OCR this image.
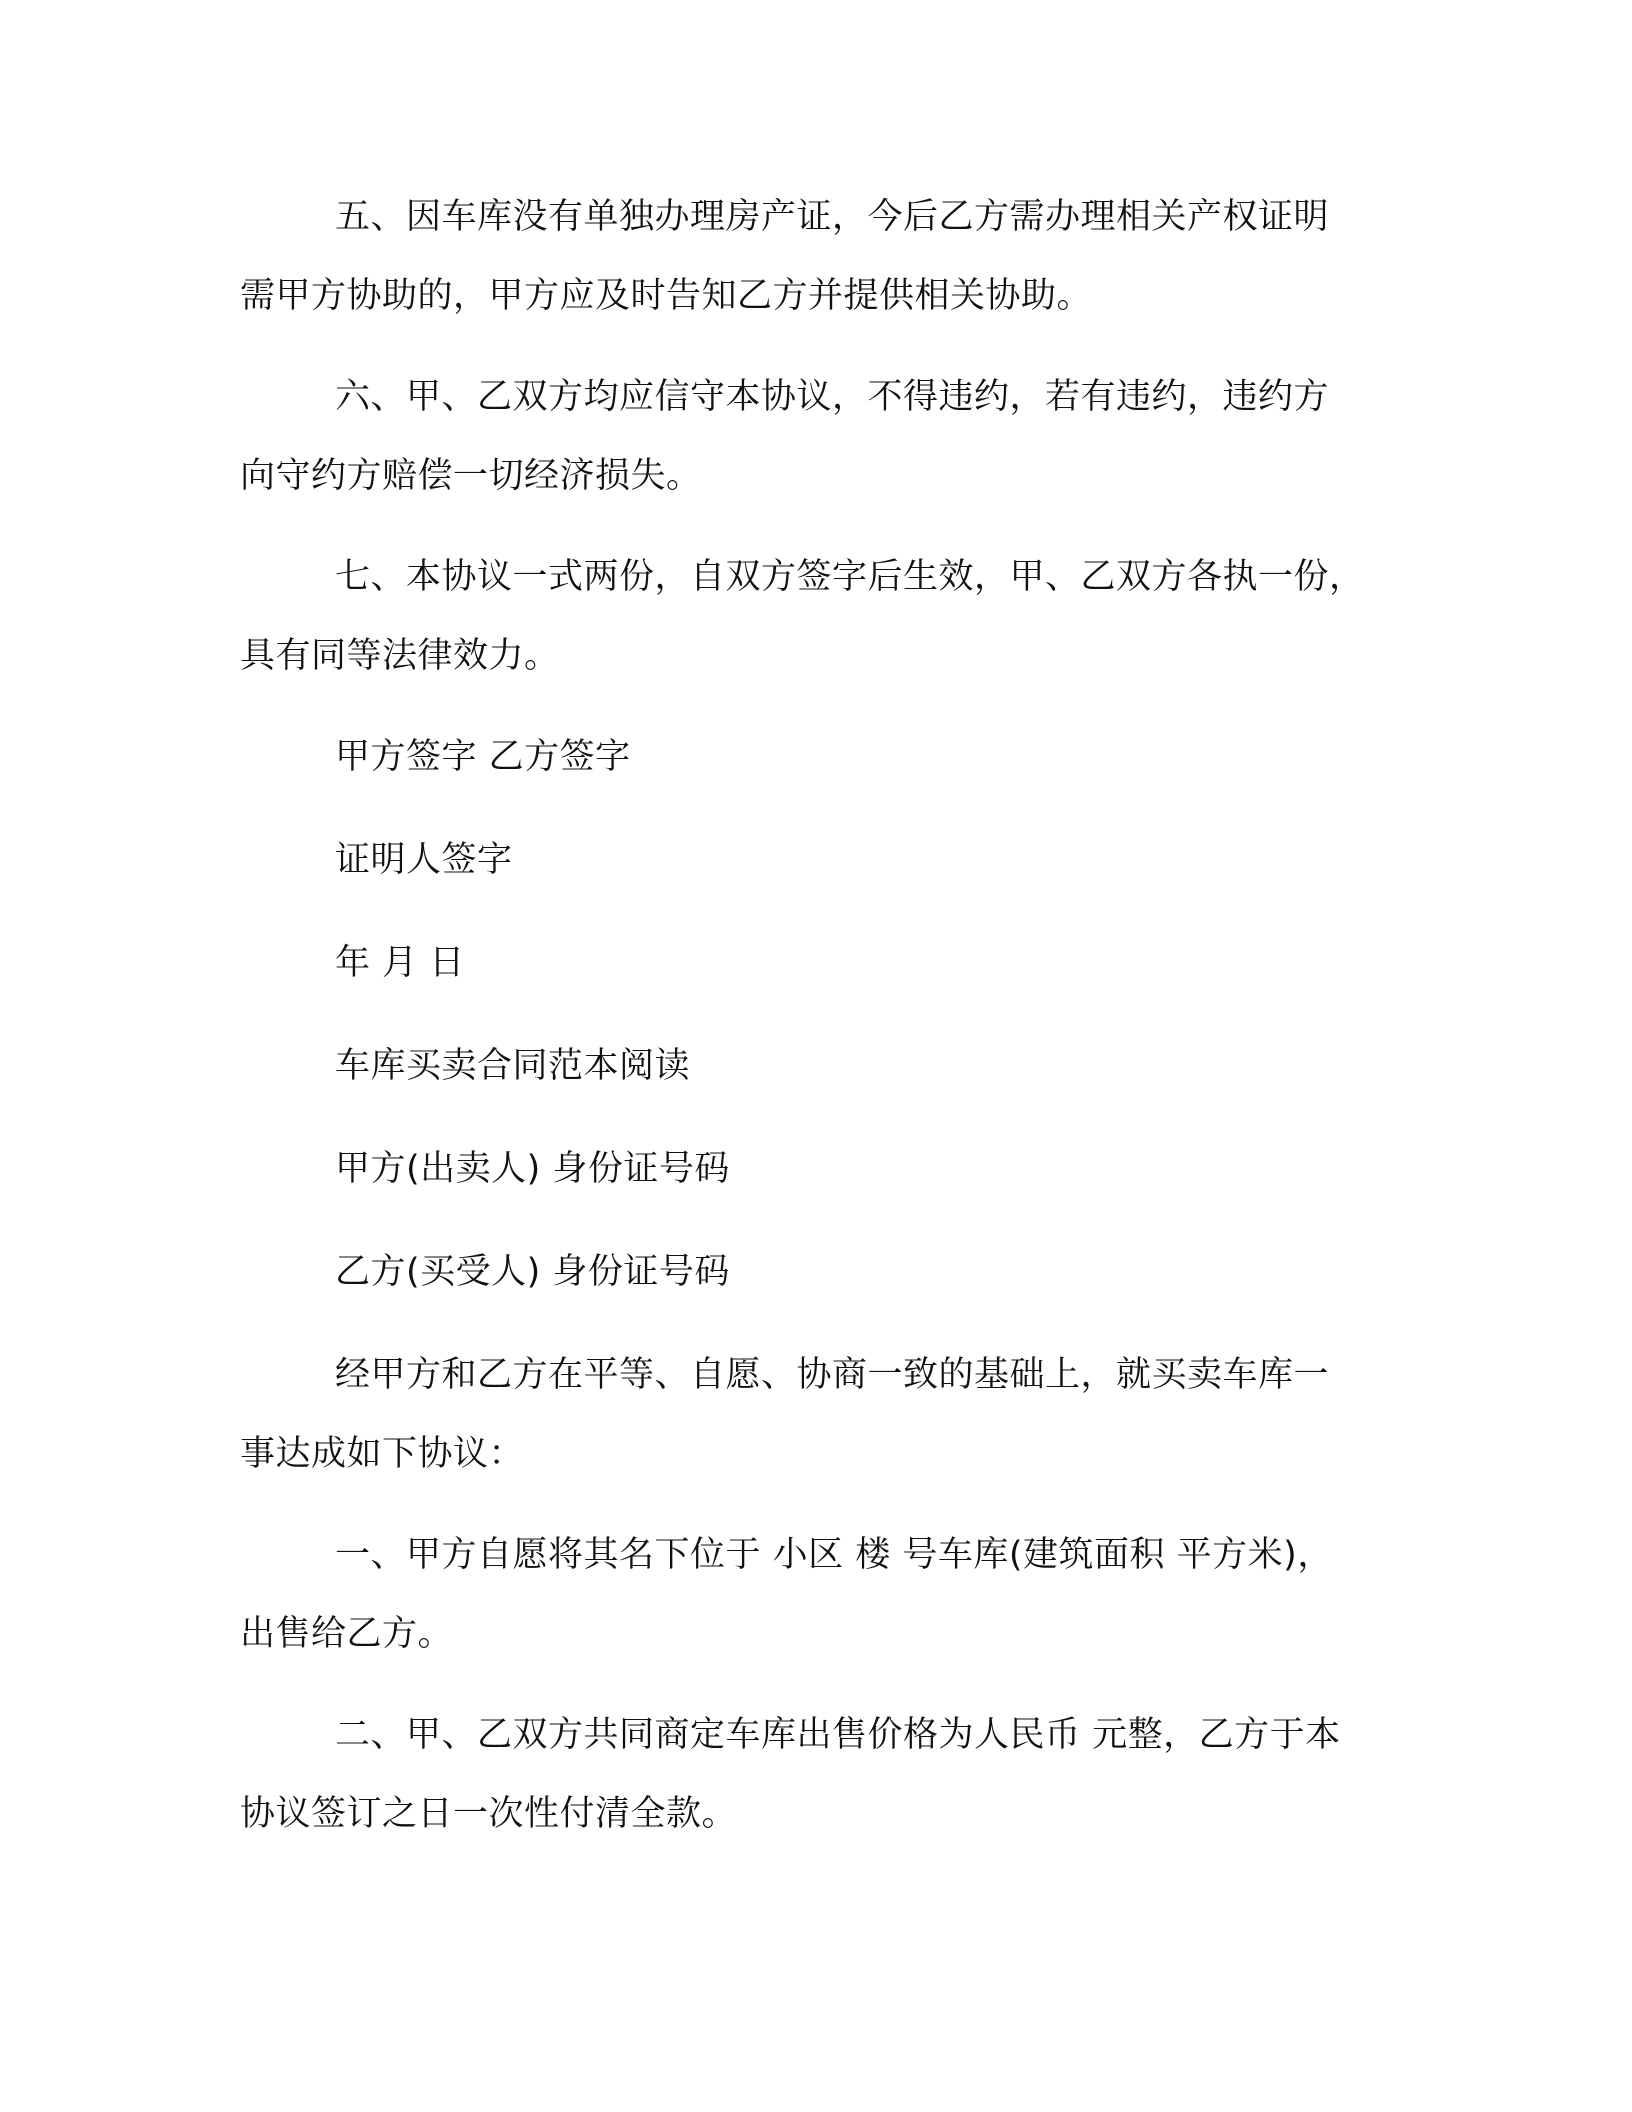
五、因车库没有单独办理房产证，今后乙方需办理相关产权证明
需甲方协助的，甲方应及时告知乙方并提供相关协助。
六、甲、乙双方均应信守本协议，不得违约，若有违约，违约方
向守约方赔偿一切经济损失。
七、本协议一式两份，自双方签字后生效，甲、乙双方各执一份，
具有同等法律效力。
甲方签字 乙方签字
证明人签字
年 月 日
车库买卖合同范本阅读
甲方(出卖人) 身份证号码
乙方(买受人) 身份证号码
经甲方和乙方在平等、自愿、协商一致的基础上，就买卖车库一
事达成如下协议：
一、甲方自愿将其名下位于 小区 楼 号车库(建筑面积 平方米)，
出售给乙方。
二、甲、乙双方共同商定车库出售价格为人民币 元整，乙方于本
协议签订之日一次性付清全款。
